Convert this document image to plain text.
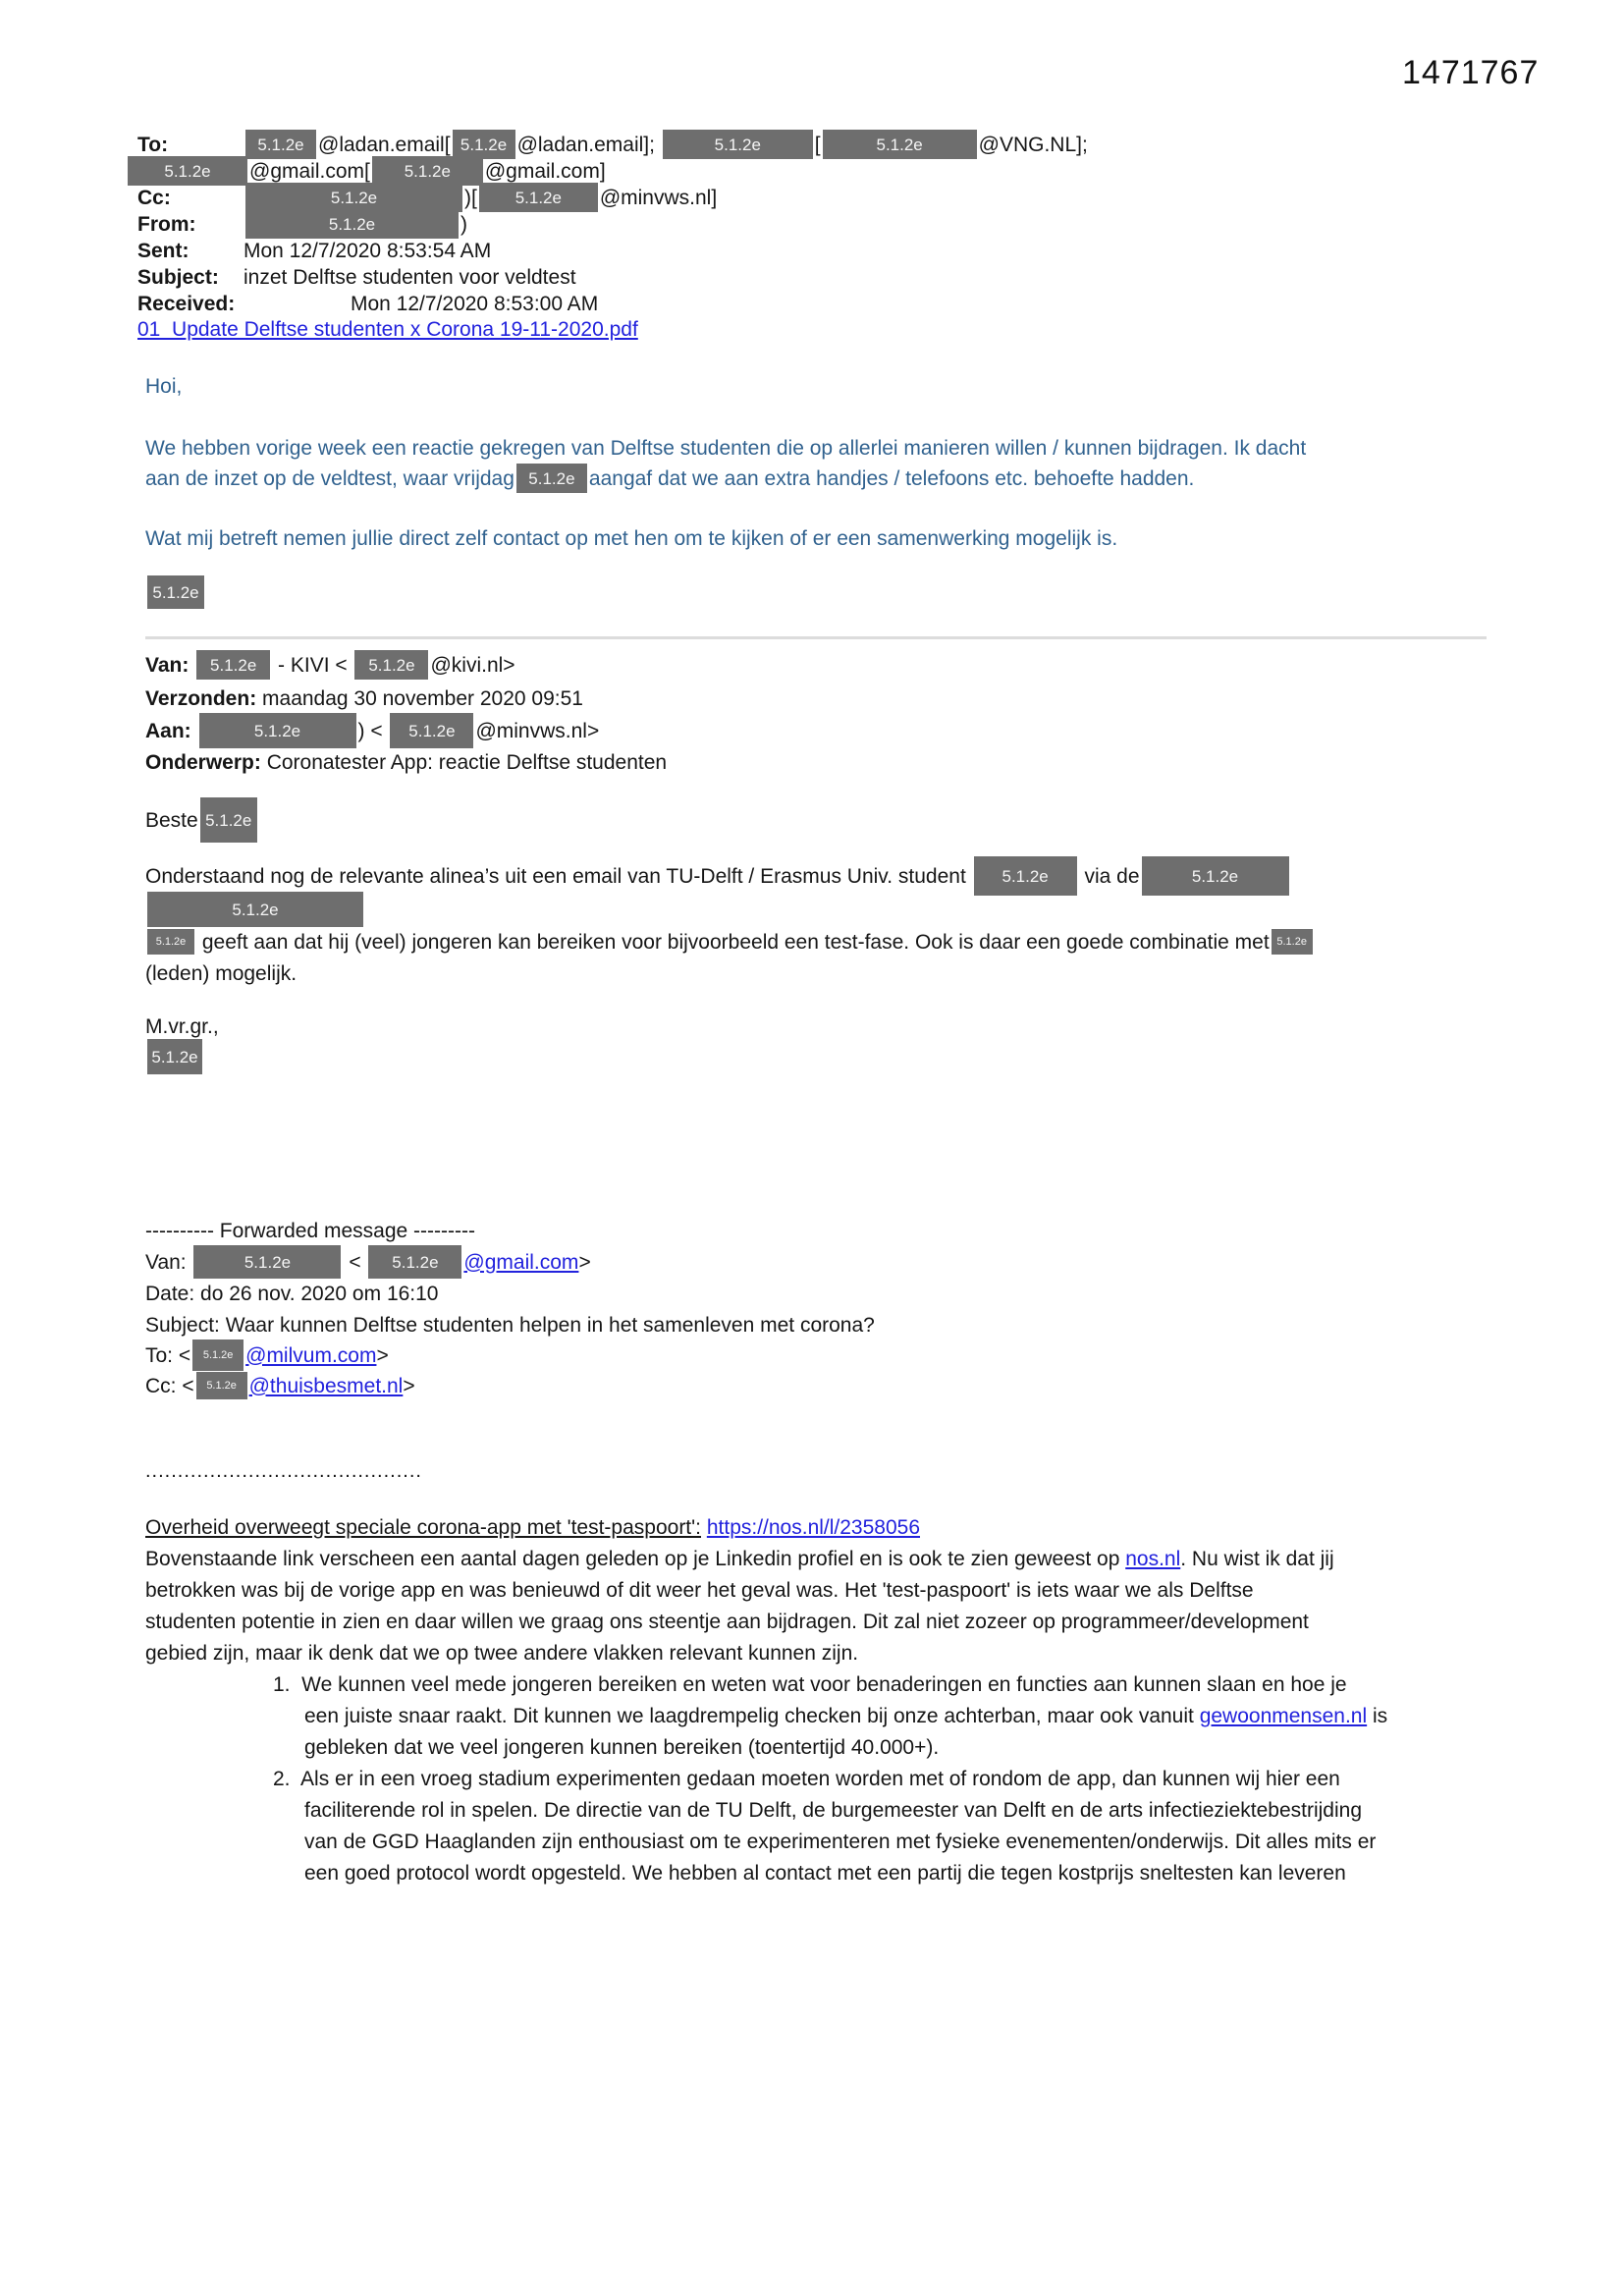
1471767
To:	5.1.2e @ladan.email[ 5.1.2e @ladan.email];	5.1.2e	[	5.1.2e	@VNG.NL];
5.1.2e	@gmail.com[	5.1.2e	@gmail.com]
Cc:	5.1.2e	)[	5.1.2e	@minvws.nl]
From:	5.1.2e	)
Sent:	Mon 12/7/2020 8:53:54 AM
Subject:	inzet Delftse studenten voor veldtest
Received:	Mon 12/7/2020 8:53:00 AM
01_Update Delftse studenten x Corona 19-11-2020.pdf
Hoi,
We hebben vorige week een reactie gekregen van Delftse studenten die op allerlei manieren willen / kunnen bijdragen. Ik dacht
aan de inzet op de veldtest, waar vrijdag 5.1.2e aangaf dat we aan extra handjes / telefoons etc. behoefte hadden.
Wat mij betreft nemen jullie direct zelf contact op met hen om te kijken of er een samenwerking mogelijk is.
5.1.2e
Van: 5.1.2e - KIVI < 5.1.2e @kivi.nl>
Verzonden: maandag 30 november 2020 09:51
Aan:	5.1.2e	) <	5.1.2e @minvws.nl>
Onderwerp: Coronatester App: reactie Delftse studenten
Beste 5.1.2e
Onderstaand nog de relevante alinea’s uit een email van TU-Delft / Erasmus Univ. student	5.1.2e	via de	5.1.2e
5.1.2e
5.1.2e geeft aan dat hij (veel) jongeren kan bereiken voor bijvoorbeeld een test-fase. Ook is daar een goede combinatie met 5.1.2e
(leden) mogelijk.
M.vr.gr.,
5.1.2e
---------- Forwarded message ---------
Van:	5.1.2e	<	5.1.2e	@gmail.com >
Date: do 26 nov. 2020 om 16:10
Subject: Waar kunnen Delftse studenten helpen in het samenleven met corona?
To: <	5.1.2e @milvum.com >
Cc: <	5.1.2e @thuisbesmet.nl >
...........................................
Overheid overweegt speciale corona-app met 'test-paspoort':
https://nos.nl/l/2358056
Bovenstaande link verscheen een aantal dagen geleden op je Linkedin profiel en is ook te zien geweest op nos.nl . Nu wist ik dat jij
betrokken was bij de vorige app en was benieuwd of dit weer het geval was. Het 'test-paspoort' is iets waar we als Delftse
studenten potentie in zien en daar willen we graag ons steentje aan bijdragen. Dit zal niet zozeer op programmeer/development
gebied zijn, maar ik denk dat we op twee andere vlakken relevant kunnen zijn.
1.  We kunnen veel mede jongeren bereiken en weten wat voor benaderingen en functies aan kunnen slaan en hoe je
een juiste snaar raakt. Dit kunnen we laagdrempelig checken bij onze achterban, maar ook vanuit gewoonmensen.nl is
gebleken dat we veel jongeren kunnen bereiken (toentertijd 40.000+).
2.  Als er in een vroeg stadium experimenten gedaan moeten worden met of rondom de app, dan kunnen wij hier een
faciliterende rol in spelen. De directie van de TU Delft, de burgemeester van Delft en de arts infectieziektebestrijding
van de GGD Haaglanden zijn enthousiast om te experimenteren met fysieke evenementen/onderwijs. Dit alles mits er
een goed protocol wordt opgesteld. We hebben al contact met een partij die tegen kostprijs sneltesten kan leveren
